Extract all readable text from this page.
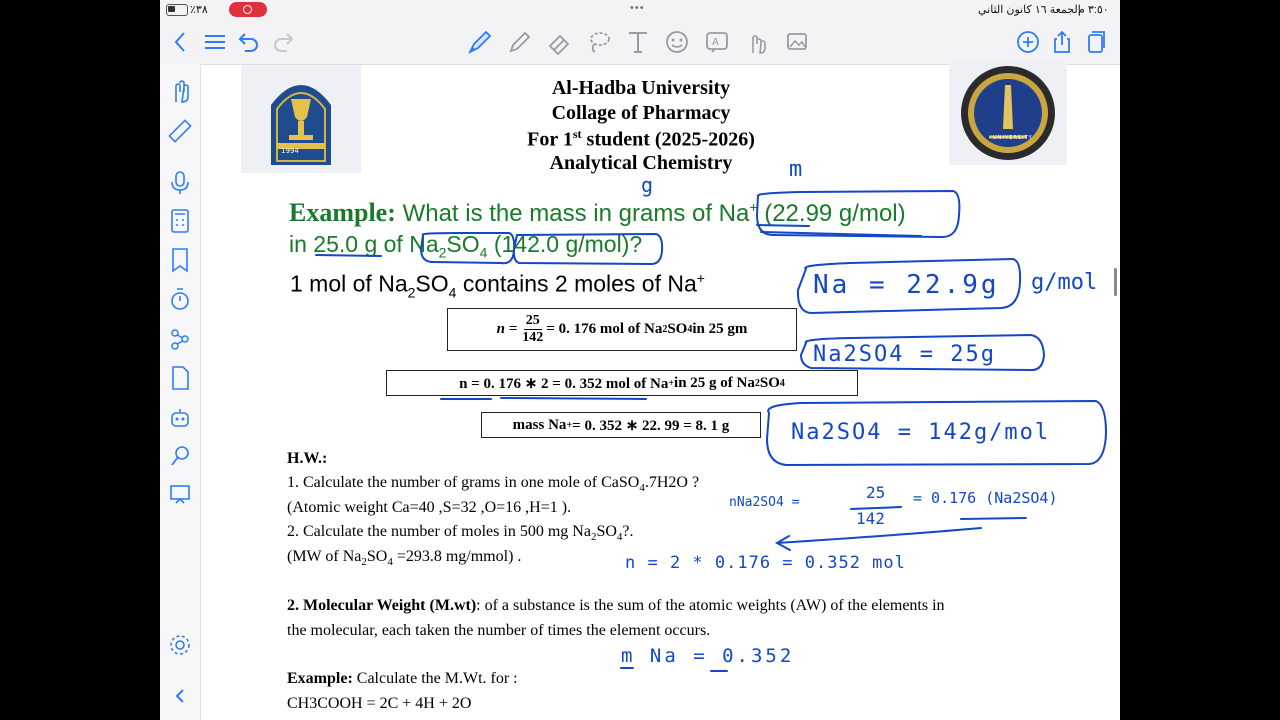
٪٣٨	•••	الجمعة ١٦ كانون الثاني
٣:٥٠ م
A
1994
UNIVERSITY
Al-Hadba University
Collage of Pharmacy
For 1st student (2025-2026)
Analytical Chemistry
Example: What is the mass in grams of Na+ (22.99 g/mol)
in 25.0 g of $Na_2SO_4$ (142.0 g/mol)?
1 mol of $Na_2SO_4$ contains 2 moles of Na+
$n = \frac{25}{142} = 0$. 176 mol of Na 2 SO 4 in 25 gm
n = 0. 176 ∗ 2 = 0. 352 mol of Na + in 25 g of Na 2 SO 4
mass Na + = 0. 352 ∗ 22. 99 = 8. 1 g
H.W.:
1. Calculate the number of grams in one mole of CaSO$_4$.7H2O ?
(Atomic weight Ca=40 ,S=32 ,O=16 ,H=1 ).
2. Calculate the number of moles in 500 mg $Na_2SO_4$?.
(MW of $Na_2SO_4 =293.8$ mg/mmol) .
2. Molecular Weight (M.wt): of a substance is the sum of the atomic weights (AW) of the elements in
the molecular, each taken the number of times the element occurs.
Example: Calculate the M.Wt. for :
CH3COOH = 2C + 4H + 2O
m
g
Na = 22.9g g/mol
Na2SO4 = 25g
Na2SO4 = 142g/mol
nNa2SO4 =
25
142
= 0.176 (Na2SO4)
n = 2 * 0.176 = 0.352 mol
m Na = 0.352
